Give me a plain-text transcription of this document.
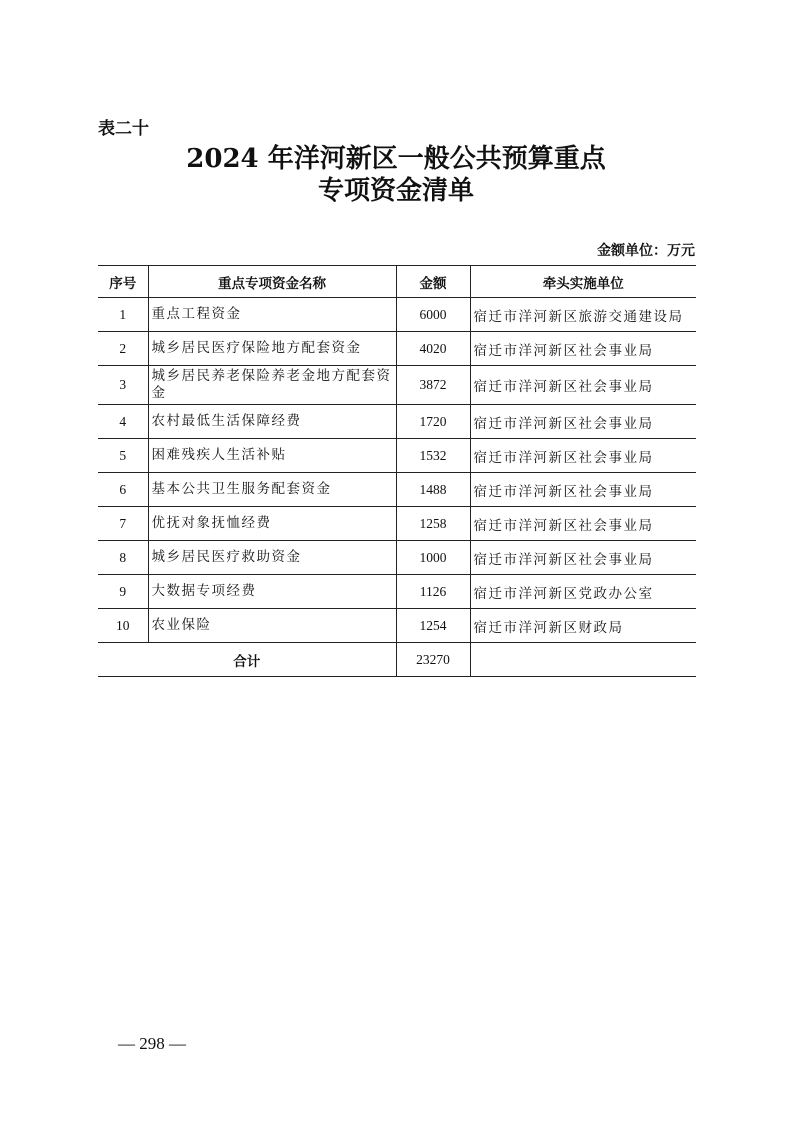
表二十
2024 年洋河新区一般公共预算重点
专项资金清单
金额单位：万元
序号	重点专项资金名称	金额	牵头实施单位
1	重点工程资金	6000	宿迁市洋河新区旅游交通建设局
2	城乡居民医疗保险地方配套资金	4020	宿迁市洋河新区社会事业局
3	城乡居民养老保险养老金地方配套资金	3872	宿迁市洋河新区社会事业局
4	农村最低生活保障经费	1720	宿迁市洋河新区社会事业局
5	困难残疾人生活补贴	1532	宿迁市洋河新区社会事业局
6	基本公共卫生服务配套资金	1488	宿迁市洋河新区社会事业局
7	优抚对象抚恤经费	1258	宿迁市洋河新区社会事业局
8	城乡居民医疗救助资金	1000	宿迁市洋河新区社会事业局
9	大数据专项经费	1126	宿迁市洋河新区党政办公室
10	农业保险	1254	宿迁市洋河新区财政局
合计		23270	
— 298 —
